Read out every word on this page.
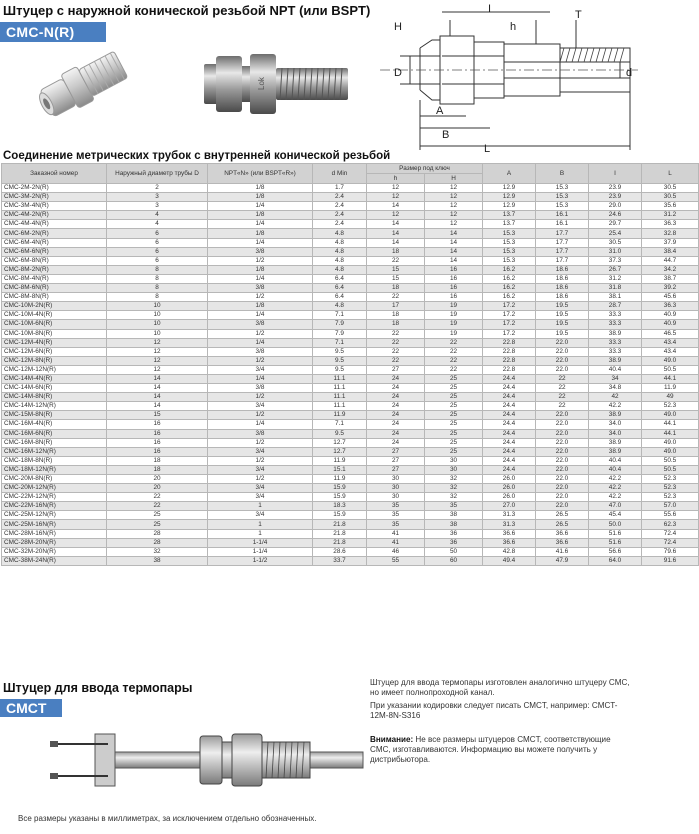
Штуцер с наружной конической резьбой NPT (или BSPT)
CMC-N(R)
Lok
H
I
h
T
D	d
A
B
L
Соединение метрических трубок с внутренней конической резьбой
Заказной номер	Наружный диаметр трубы D	NPT«N» (или BSPT«R»)	d Min	Размер под ключ		A	B	I	L
				h	H				
CMC-2M-2N(R)	2	1/8	1.7	12	12	12.9	15.3	23.9	30.5
CMC-3M-2N(R)	3	1/8	2.4	12	12	12.9	15.3	23.9	30.5
CMC-3M-4N(R)	3	1/4	2.4	14	12	12.9	15.3	29.0	35.6
CMC-4M-2N(R)	4	1/8	2.4	12	12	13.7	16.1	24.6	31.2
CMC-4M-4N(R)	4	1/4	2.4	14	12	13.7	16.1	29.7	36.3
CMC-6M-2N(R)	6	1/8	4.8	14	14	15.3	17.7	25.4	32.8
CMC-6M-4N(R)	6	1/4	4.8	14	14	15.3	17.7	30.5	37.9
CMC-6M-6N(R)	6	3/8	4.8	18	14	15.3	17.7	31.0	38.4
CMC-6M-8N(R)	6	1/2	4.8	22	14	15.3	17.7	37.3	44.7
CMC-8M-2N(R)	8	1/8	4.8	15	16	16.2	18.6	26.7	34.2
CMC-8M-4N(R)	8	1/4	6.4	15	16	16.2	18.6	31.2	38.7
CMC-8M-6N(R)	8	3/8	6.4	18	16	16.2	18.6	31.8	39.2
CMC-8M-8N(R)	8	1/2	6.4	22	16	16.2	18.6	38.1	45.6
CMC-10M-2N(R)	10	1/8	4.8	17	19	17.2	19.5	28.7	36.3
CMC-10M-4N(R)	10	1/4	7.1	18	19	17.2	19.5	33.3	40.9
CMC-10M-6N(R)	10	3/8	7.9	18	19	17.2	19.5	33.3	40.9
CMC-10M-8N(R)	10	1/2	7.9	22	19	17.2	19.5	38.9	46.5
CMC-12M-4N(R)	12	1/4	7.1	22	22	22.8	22.0	33.3	43.4
CMC-12M-6N(R)	12	3/8	9.5	22	22	22.8	22.0	33.3	43.4
CMC-12M-8N(R)	12	1/2	9.5	22	22	22.8	22.0	38.9	49.0
CMC-12M-12N(R)	12	3/4	9.5	27	22	22.8	22.0	40.4	50.5
CMC-14M-4N(R)	14	1/4	11.1	24	25	24.4	22	34	44.1
CMC-14M-6N(R)	14	3/8	11.1	24	25	24.4	22	34.8	11.9
CMC-14M-8N(R)	14	1/2	11.1	24	25	24.4	22	42	49
CMC-14M-12N(R)	14	3/4	11.1	24	25	24.4	22	42.2	52.3
CMC-15M-8N(R)	15	1/2	11.9	24	25	24.4	22.0	38.9	49.0
CMC-16M-4N(R)	16	1/4	7.1	24	25	24.4	22.0	34.0	44.1
CMC-16M-6N(R)	16	3/8	9.5	24	25	24.4	22.0	34.0	44.1
CMC-16M-8N(R)	16	1/2	12.7	24	25	24.4	22.0	38.9	49.0
CMC-16M-12N(R)	16	3/4	12.7	27	25	24.4	22.0	38.9	49.0
CMC-18M-8N(R)	18	1/2	11.9	27	30	24.4	22.0	40.4	50.5
CMC-18M-12N(R)	18	3/4	15.1	27	30	24.4	22.0	40.4	50.5
CMC-20M-8N(R)	20	1/2	11.9	30	32	26.0	22.0	42.2	52.3
CMC-20M-12N(R)	20	3/4	15.9	30	32	26.0	22.0	42.2	52.3
CMC-22M-12N(R)	22	3/4	15.9	30	32	26.0	22.0	42.2	52.3
CMC-22M-16N(R)	22	1	18.3	35	35	27.0	22.0	47.0	57.0
CMC-25M-12N(R)	25	3/4	15.9	35	38	31.3	26.5	45.4	55.6
CMC-25M-16N(R)	25	1	21.8	35	38	31.3	26.5	50.0	62.3
CMC-28M-16N(R)	28	1	21.8	41	36	36.6	36.6	51.6	72.4
CMC-28M-20N(R)	28	1-1/4	21.8	41	36	36.6	36.6	51.6	72.4
CMC-32M-20N(R)	32	1-1/4	28.6	46	50	42.8	41.6	56.6	79.6
CMC-38M-24N(R)	38	1-1/2	33.7	55	60	49.4	47.9	64.0	91.6
Штуцер для ввода термопары
CMCT

Штуцер для ввода термопары изготовлен аналогично штуцеру CMC, но имеет полнопроходной канал.

При указании кодировки следует писать CMCT, например: CMCT-12M-8N-S316

Внимание: Не все размеры штуцеров CMCT, соответствующие CMC, изготавливаются. Информацию вы можете получить у дистрибьютора.

Все размеры указаны в миллиметрах, за исключением отдельно обозначенных.
